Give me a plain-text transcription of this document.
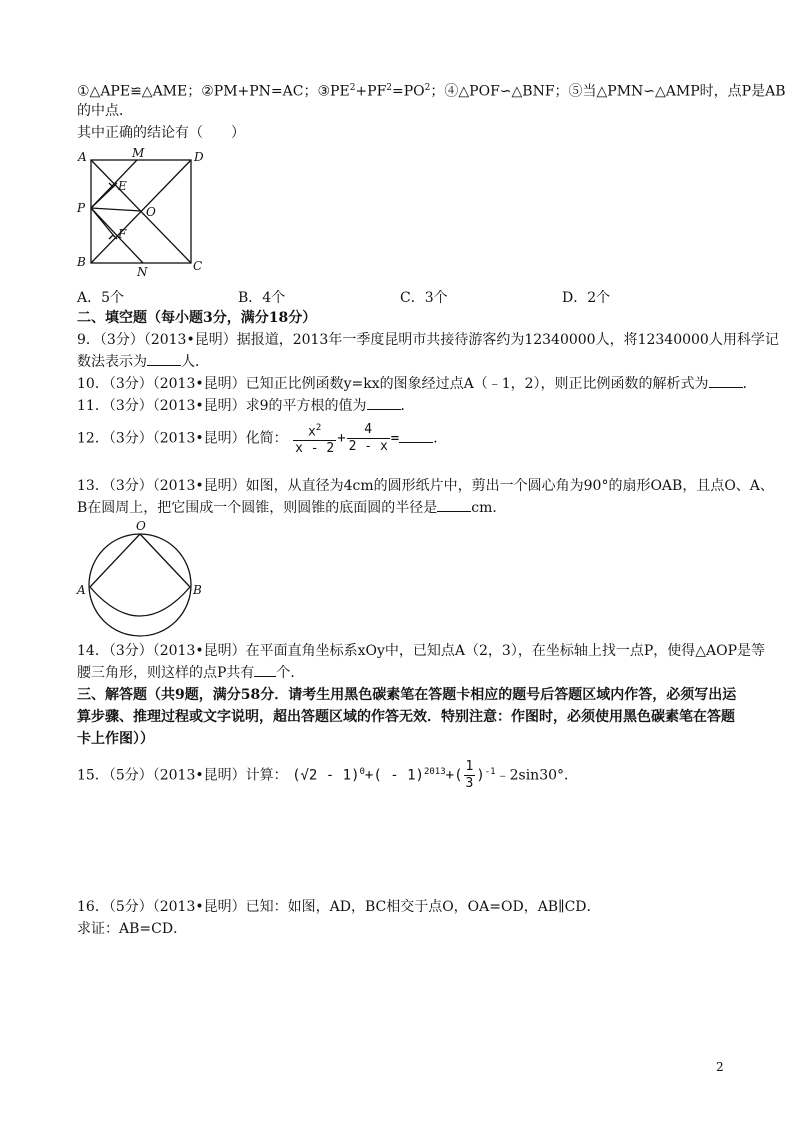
①△APE≌△AME；②PM+PN=AC；$③PE^2+PF^2=PO^2$；④△POF∽△BNF；⑤当△PMN∽△AMP时，点P是AB
的中点．
其中正确的结论有（　　）
A	M	D
E
P	O
F
B
N	C
A．5个	B．4个	C．3个	D．2个
二、填空题（每小题3分，满分18分）
9．（3分）（2013•昆明）据报道，2013年一季度昆明市共接待游客约为12340000人，将12340000人用科学记
数法表示为 人．
10．（3分）（2013•昆明）已知正比例函数y=kx的图象经过点A（﹣1，2），则正比例函数的解析式为 ．
11．（3分）（2013•昆明）求9的平方根的值为 ．
12．（3分）（2013•昆明）化简： $\frac{x^2}{x - 2} + \frac{4}{2 - x}$ = ．
13．（3分）（2013•昆明）如图，从直径为4cm的圆形纸片中，剪出一个圆心角为90°的扇形OAB，且点O、A、
B在圆周上，把它围成一个圆锥，则圆锥的底面圆的半径是 cm．
O
A	B
14．（3分）（2013•昆明）在平面直角坐标系xOy中，已知点A（2，3），在坐标轴上找一点P，使得△AOP是等
腰三角形，则这样的点P共有 个．
三、解答题（共9题，满分58分．请考生用黑色碳素笔在答题卡相应的题号后答题区域内作答，必须写出运
算步骤、推理过程或文字说明，超出答题区域的作答无效．特别注意：作图时，必须使用黑色碳素笔在答题
卡上作图））
15．（5分）（2013•昆明）计算： $(√2 - 1)^0+( - 1)^{2013}+( \frac{1}{3}$ )$^{-1}﹣2\sin 30^\circ$．
16．（5分）（2013•昆明）已知：如图，AD，BC相交于点O，OA=OD，AB∥CD．
求证：AB=CD．
2
